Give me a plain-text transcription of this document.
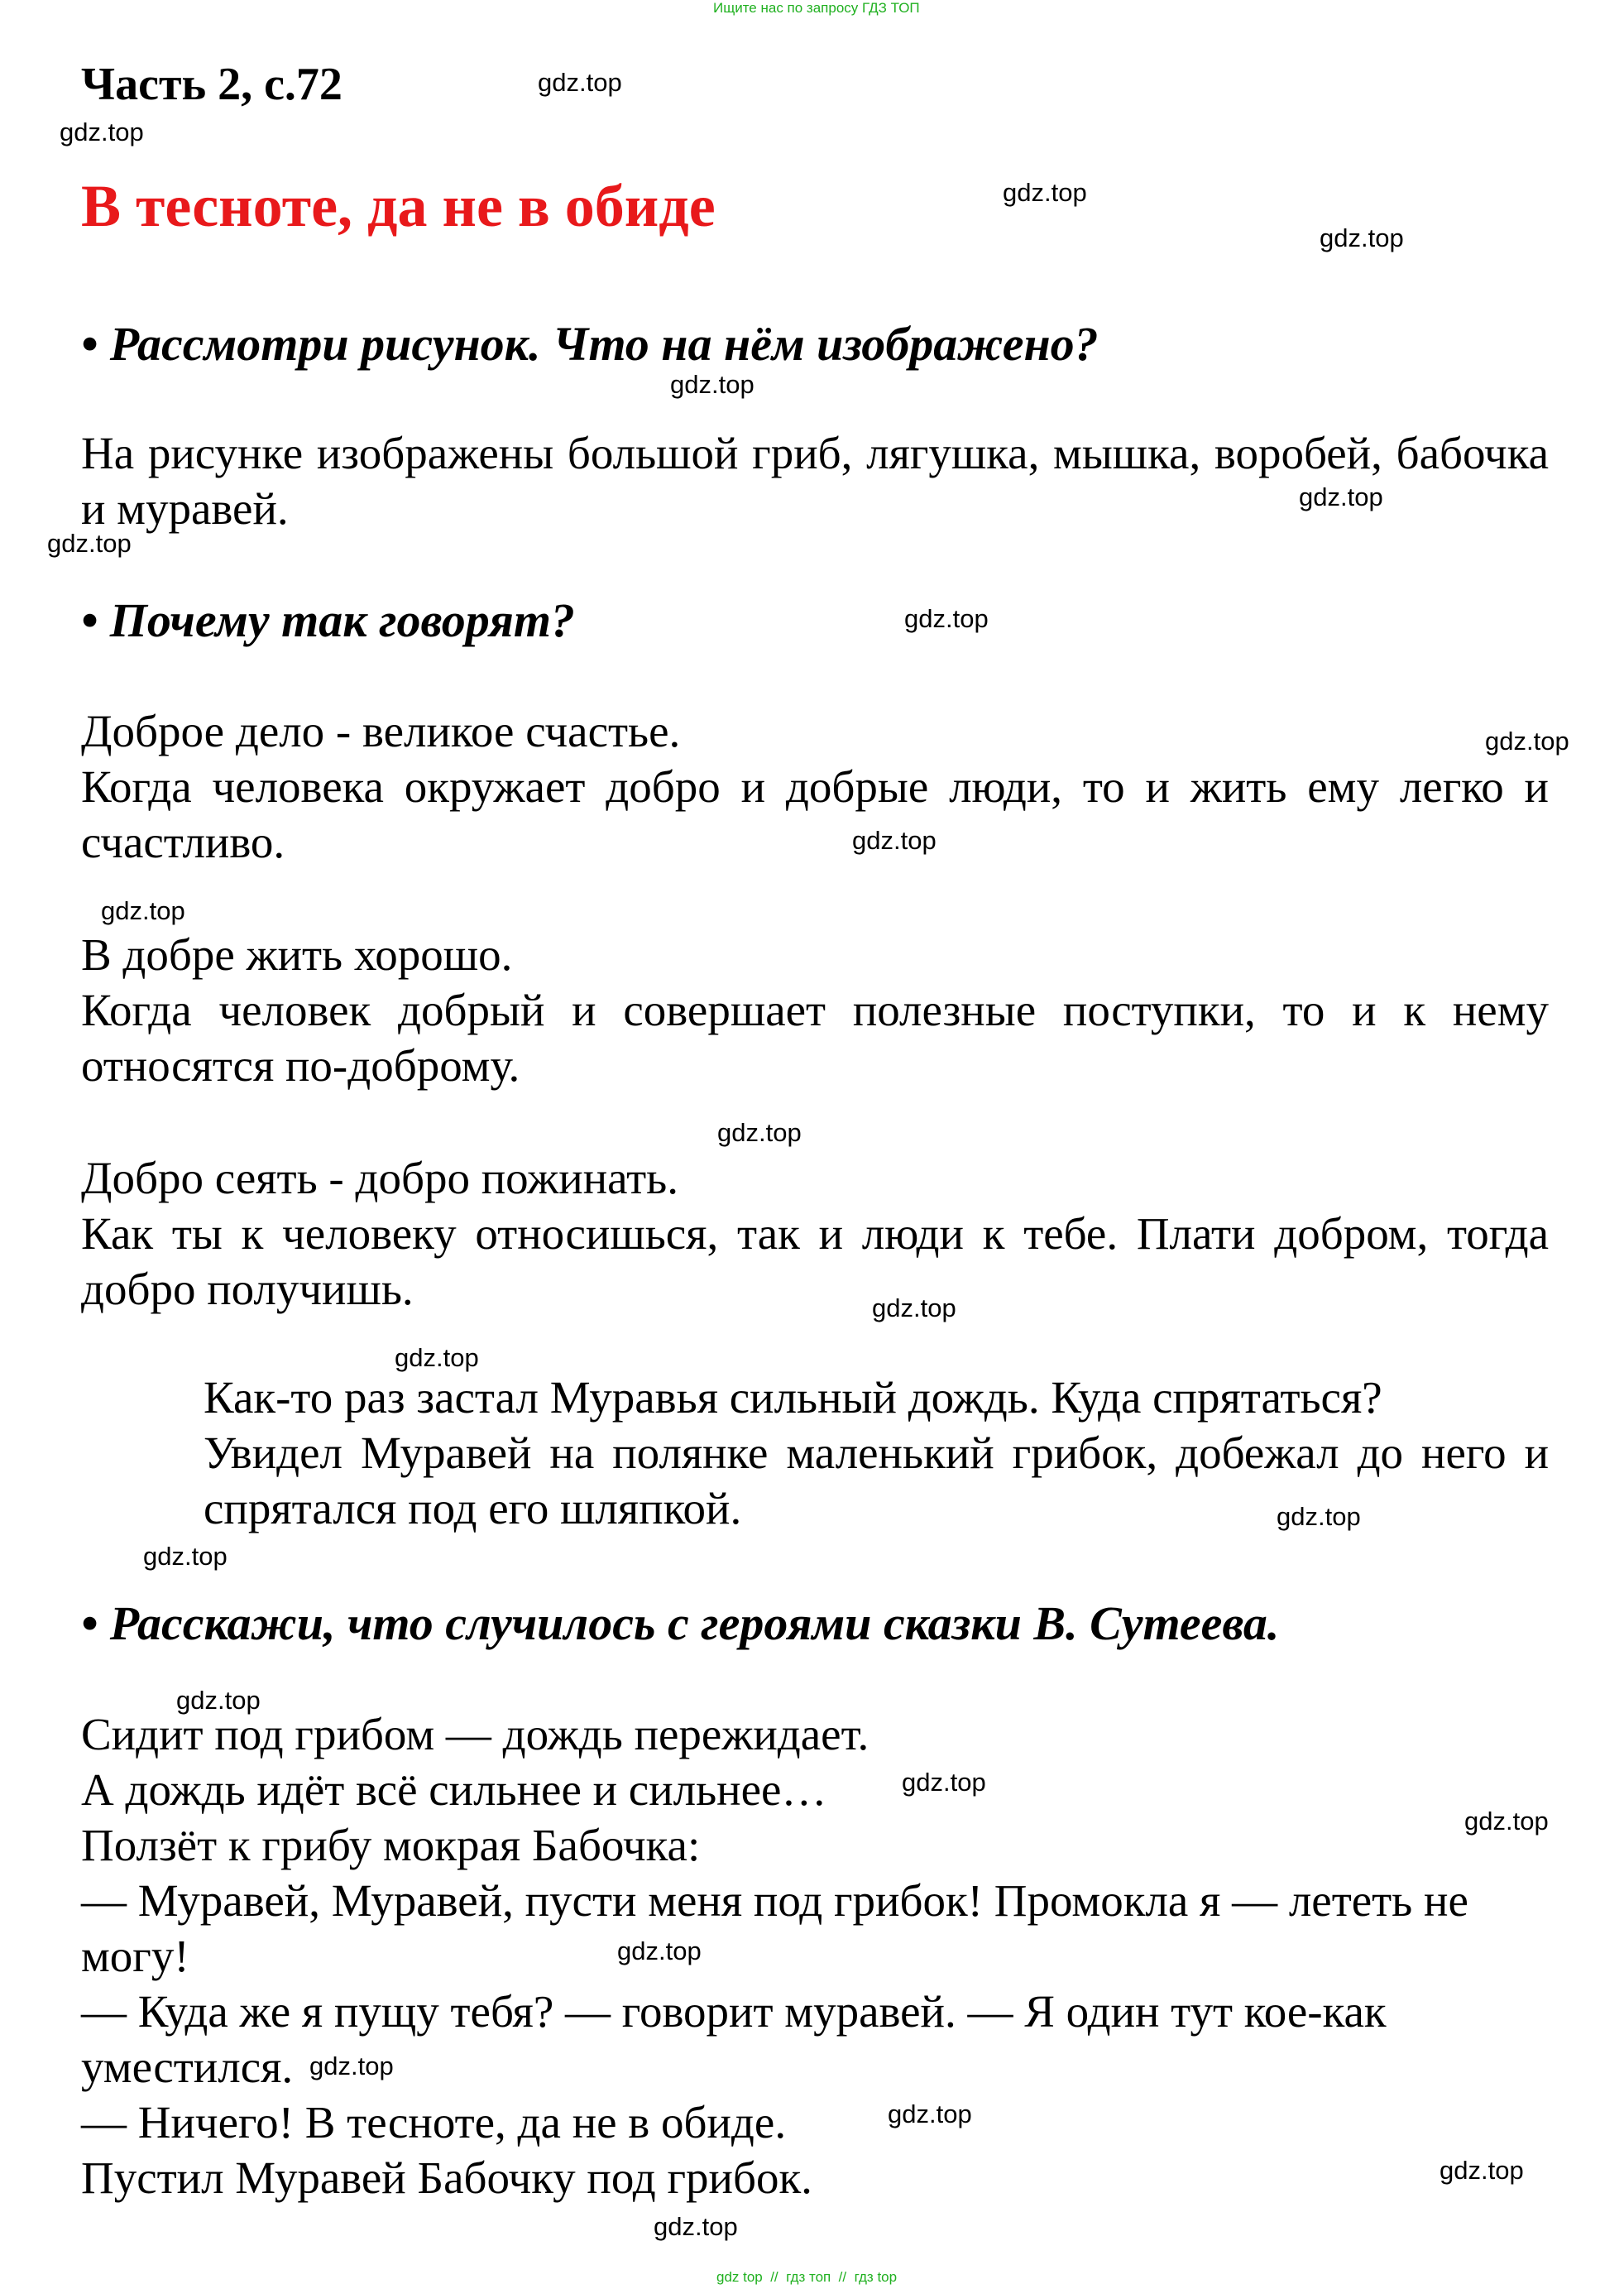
Ищите нас по запросу ГДЗ ТОП
Часть 2, с.72
В тесноте, да не в обиде
• Рассмотри рисунок. Что на нём изображено?
На рисунке изображены большой гриб, лягушка, мышка, воробей, бабочка и муравей.
• Почему так говорят?
Доброе дело - великое счастье.
Когда человека окружает добро и добрые люди, то и жить ему легко и счастливо.
В добре жить хорошо.
Когда человек добрый и совершает полезные поступки, то и к нему относятся по-доброму.
Добро сеять - добро пожинать.
Как ты к человеку относишься, так и люди к тебе. Плати добром, тогда добро получишь.
Как-то раз застал Муравья сильный дождь. Куда спрятаться?
Увидел Муравей на полянке маленький грибок, добежал до него и спрятался под его шляпкой.
• Расскажи, что случилось с героями сказки В. Сутеева.
Сидит под грибом — дождь пережидает.
А дождь идёт всё сильнее и сильнее…
Ползёт к грибу мокрая Бабочка:
— Муравей, Муравей, пусти меня под грибок! Промокла я — лететь не могу!
— Куда же я пущу тебя? — говорит муравей. — Я один тут кое-как уместился.
— Ничего! В тесноте, да не в обиде.
Пустил Муравей Бабочку под грибок.
gdz.top
gdz.top
gdz.top
gdz.top
gdz.top
gdz.top
gdz.top
gdz.top
gdz.top
gdz.top
gdz.top
gdz.top
gdz.top
gdz.top
gdz.top
gdz.top
gdz.top
gdz.top
gdz.top
gdz.top
gdz.top
gdz.top
gdz.top
gdz.top
gdz top  //  гдз топ  //  гдз top
